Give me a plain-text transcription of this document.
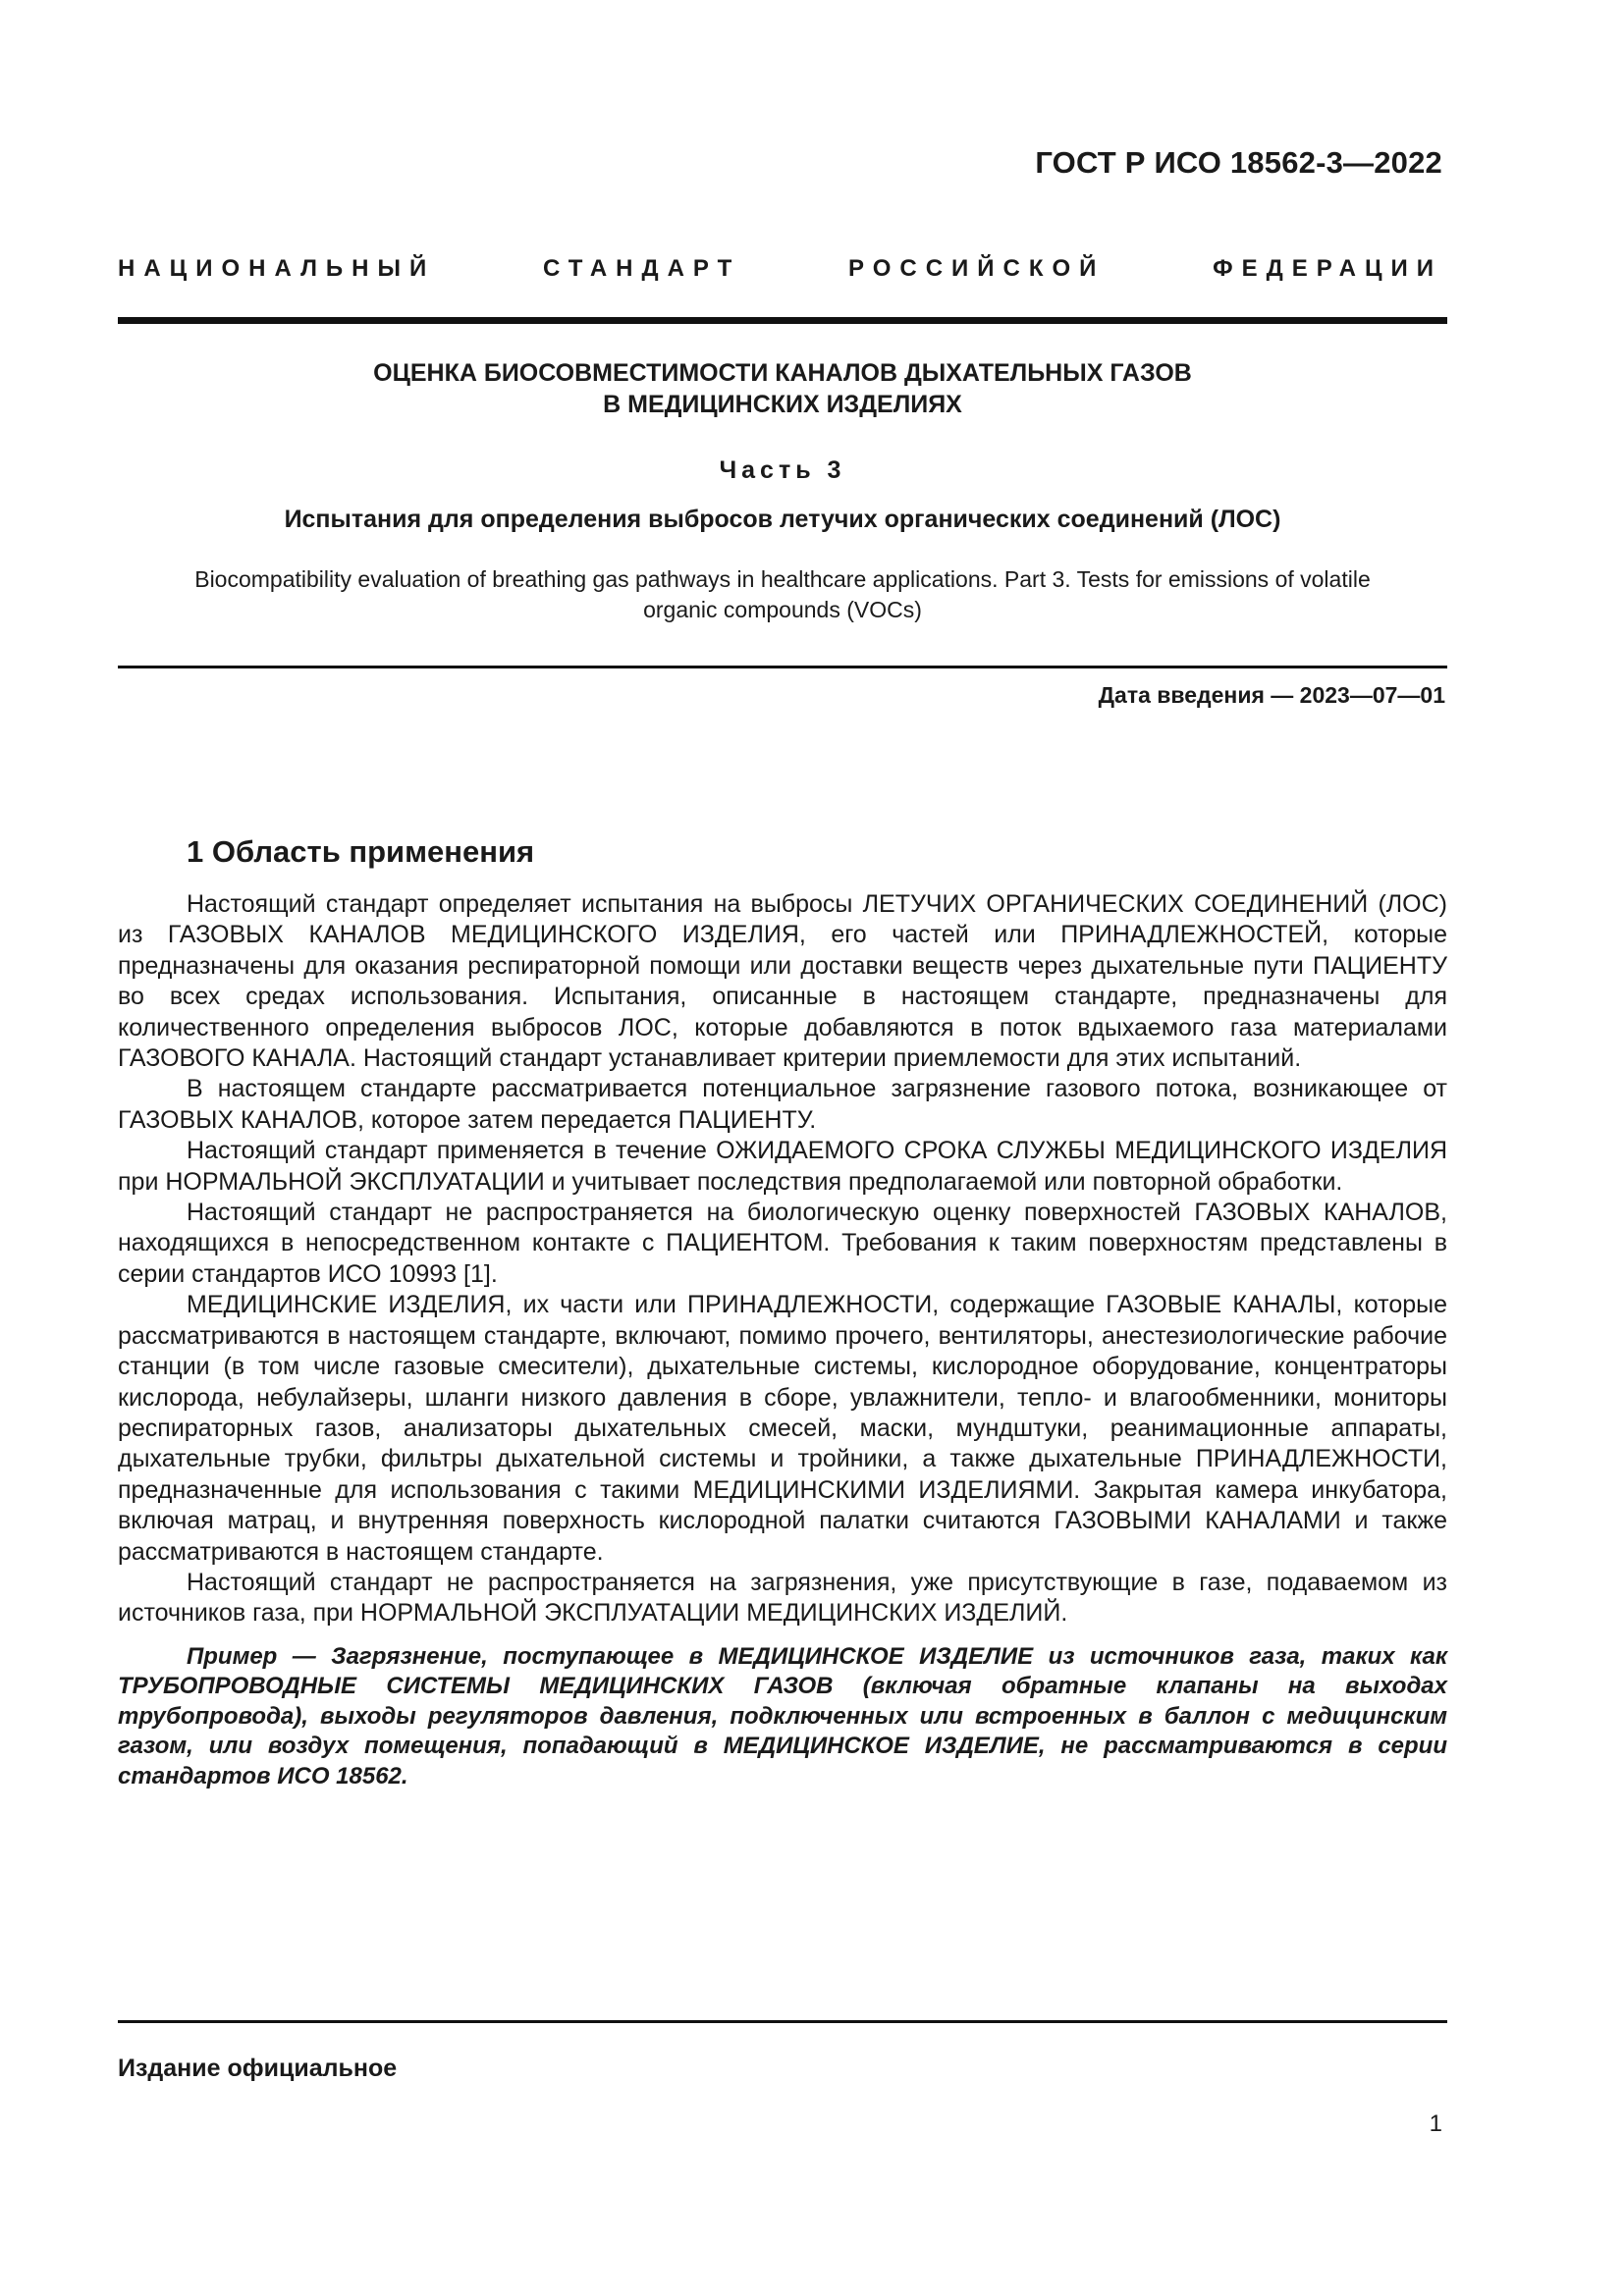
ГОСТ Р ИСО 18562-3—2022
НАЦИОНАЛЬНЫЙ СТАНДАРТ РОССИЙСКОЙ ФЕДЕРАЦИИ
ОЦЕНКА БИОСОВМЕСТИМОСТИ КАНАЛОВ ДЫХАТЕЛЬНЫХ ГАЗОВ
В МЕДИЦИНСКИХ ИЗДЕЛИЯХ
Часть 3
Испытания для определения выбросов летучих органических соединений (ЛОС)
Biocompatibility evaluation of breathing gas pathways in healthcare applications. Part 3. Tests for emissions of volatile
organic compounds (VOCs)
Дата введения — 2023—07—01
1 Область применения

Настоящий стандарт определяет испытания на выбросы ЛЕТУЧИХ ОРГАНИЧЕСКИХ СОЕДИНЕНИЙ (ЛОС) из ГАЗОВЫХ КАНАЛОВ МЕДИЦИНСКОГО ИЗДЕЛИЯ, его частей или ПРИНАДЛЕЖНОСТЕЙ, которые предназначены для оказания респираторной помощи или доставки веществ через дыхательные пути ПАЦИЕНТУ во всех средах использования. Испытания, описанные в настоящем стандарте, предназначены для количественного определения выбросов ЛОС, которые добавляются в поток вдыхаемого газа материалами ГАЗОВОГО КАНАЛА. Настоящий стандарт устанавливает критерии приемлемости для этих испытаний.

В настоящем стандарте рассматривается потенциальное загрязнение газового потока, возникающее от ГАЗОВЫХ КАНАЛОВ, которое затем передается ПАЦИЕНТУ.

Настоящий стандарт применяется в течение ОЖИДАЕМОГО СРОКА СЛУЖБЫ МЕДИЦИНСКОГО ИЗДЕЛИЯ при НОРМАЛЬНОЙ ЭКСПЛУАТАЦИИ и учитывает последствия предполагаемой или повторной обработки.

Настоящий стандарт не распространяется на биологическую оценку поверхностей ГАЗОВЫХ КАНАЛОВ, находящихся в непосредственном контакте с ПАЦИЕНТОМ. Требования к таким поверхностям представлены в серии стандартов ИСО 10993 [1].

МЕДИЦИНСКИЕ ИЗДЕЛИЯ, их части или ПРИНАДЛЕЖНОСТИ, содержащие ГАЗОВЫЕ КАНАЛЫ, которые рассматриваются в настоящем стандарте, включают, помимо прочего, вентиляторы, анестезиологические рабочие станции (в том числе газовые смесители), дыхательные системы, кислородное оборудование, концентраторы кислорода, небулайзеры, шланги низкого давления в сборе, увлажнители, тепло- и влагообменники, мониторы респираторных газов, анализаторы дыхательных смесей, маски, мундштуки, реанимационные аппараты, дыхательные трубки, фильтры дыхательной системы и тройники, а также дыхательные ПРИНАДЛЕЖНОСТИ, предназначенные для использования с такими МЕДИЦИНСКИМИ ИЗДЕЛИЯМИ. Закрытая камера инкубатора, включая матрац, и внутренняя поверхность кислородной палатки считаются ГАЗОВЫМИ КАНАЛАМИ и также рассматриваются в настоящем стандарте.

Настоящий стандарт не распространяется на загрязнения, уже присутствующие в газе, подаваемом из источников газа, при НОРМАЛЬНОЙ ЭКСПЛУАТАЦИИ МЕДИЦИНСКИХ ИЗДЕЛИЙ.

Пример — Загрязнение, поступающее в МЕДИЦИНСКОЕ ИЗДЕЛИЕ из источников газа, таких как ТРУБОПРОВОДНЫЕ СИСТЕМЫ МЕДИЦИНСКИХ ГАЗОВ (включая обратные клапаны на выходах трубопровода), выходы регуляторов давления, подключенных или встроенных в баллон с медицинским газом, или воздух помещения, попадающий в МЕДИЦИНСКОЕ ИЗДЕЛИЕ, не рассматриваются в серии стандартов ИСО 18562.

Издание официальное
1
